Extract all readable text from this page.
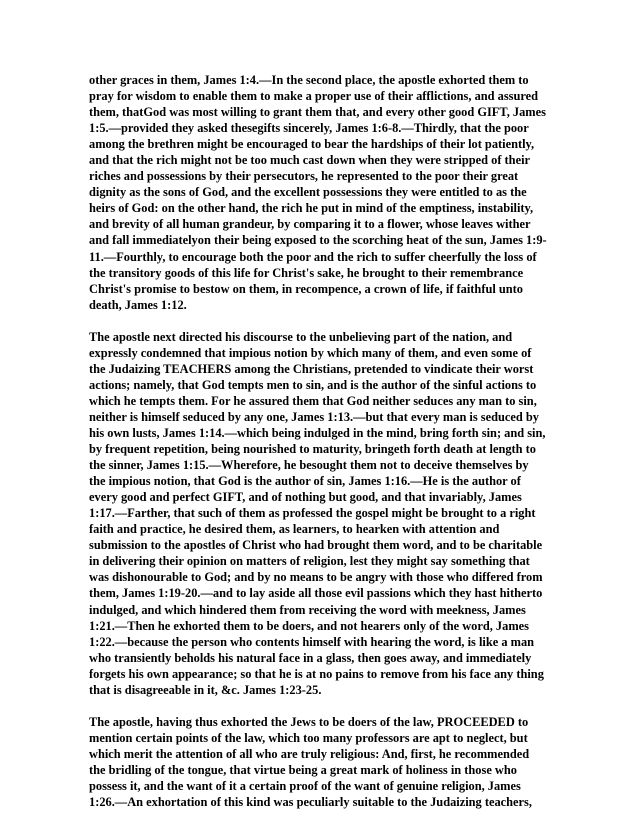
other graces in them, James 1:4.—In the second place, the apostle exhorted them to pray for wisdom to enable them to make a proper use of their afflictions, and assured them, thatGod was most willing to grant them that, and every other good GIFT, James 1:5.—provided they asked thesegifts sincerely, James 1:6-8.—Thirdly, that the poor among the brethren might be encouraged to bear the hardships of their lot patiently, and that the rich might not be too much cast down when they were stripped of their riches and possessions by their persecutors, he represented to the poor their great dignity as the sons of God, and the excellent possessions they were entitled to as the heirs of God: on the other hand, the rich he put in mind of the emptiness, instability, and brevity of all human grandeur, by comparing it to a flower, whose leaves wither and fall immediatelyon their being exposed to the scorching heat of the sun, James 1:9-11.—Fourthly, to encourage both the poor and the rich to suffer cheerfully the loss of the transitory goods of this life for Christ's sake, he brought to their remembrance Christ's promise to bestow on them, in recompence, a crown of life, if faithful unto death, James 1:12.

The apostle next directed his discourse to the unbelieving part of the nation, and expressly condemned that impious notion by which many of them, and even some of the Judaizing TEACHERS among the Christians, pretended to vindicate their worst actions; namely, that God tempts men to sin, and is the author of the sinful actions to which he tempts them. For he assured them that God neither seduces any man to sin, neither is himself seduced by any one, James 1:13.—but that every man is seduced by his own lusts, James 1:14.—which being indulged in the mind, bring forth sin; and sin, by frequent repetition, being nourished to maturity, bringeth forth death at length to the sinner, James 1:15.—Wherefore, he besought them not to deceive themselves by the impious notion, that God is the author of sin, James 1:16.—He is the author of every good and perfect GIFT, and of nothing but good, and that invariably, James 1:17.—Farther, that such of them as professed the gospel might be brought to a right faith and practice, he desired them, as learners, to hearken with attention and submission to the apostles of Christ who had brought them word, and to be charitable in delivering their opinion on matters of religion, lest they might say something that was dishonourable to God; and by no means to be angry with those who differed from them, James 1:19-20.—and to lay aside all those evil passions which they hast hitherto indulged, and which hindered them from receiving the word with meekness, James 1:21.—Then he exhorted them to be doers, and not hearers only of the word, James 1:22.—because the person who contents himself with hearing the word, is like a man who transiently beholds his natural face in a glass, then goes away, and immediately forgets his own appearance; so that he is at no pains to remove from his face any thing that is disagreeable in it, &c. James 1:23-25.

The apostle, having thus exhorted the Jews to be doers of the law, PROCEEDED to mention certain points of the law, which too many professors are apt to neglect, but which merit the attention of all who are truly religious: And, first, he recommended the bridling of the tongue, that virtue being a great mark of holiness in those who possess it, and the want of it a certain proof of the want of genuine religion, James 1:26.—An exhortation of this kind was peculiarly suitable to the Judaizing teachers,
